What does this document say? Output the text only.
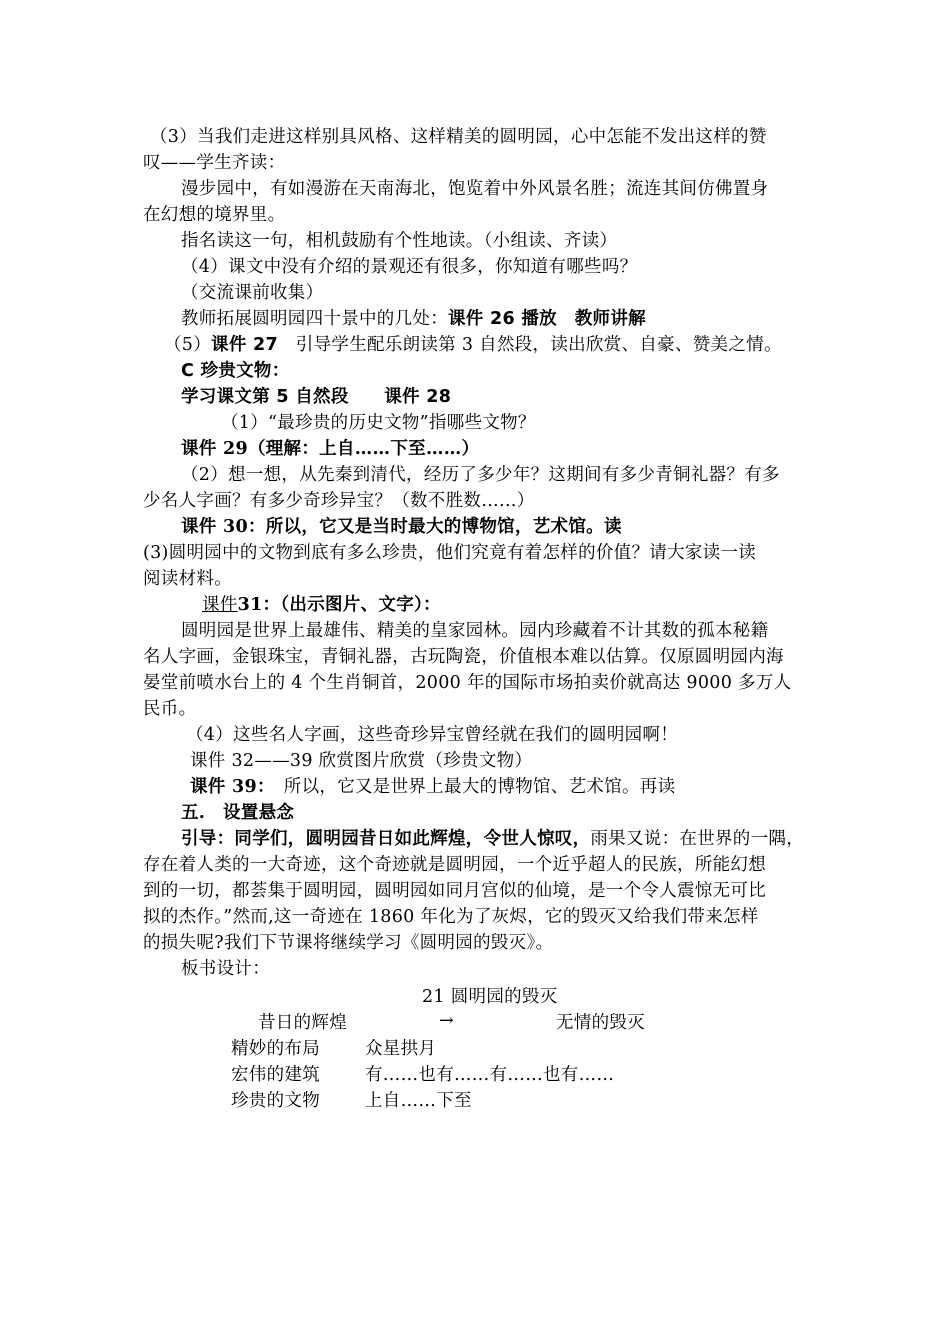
（3）当我们走进这样别具风格、这样精美的圆明园，心中怎能不发出这样的赞
叹——学生齐读：
漫步园中，有如漫游在天南海北，饱览着中外风景名胜；流连其间仿佛置身
在幻想的境界里。
指名读这一句，相机鼓励有个性地读。（小组读、齐读）
（4）课文中没有介绍的景观还有很多，你知道有哪些吗？
（交流课前收集）
教师拓展圆明园四十景中的几处：课件 26 播放　教师讲解
（5）课件 27　引导学生配乐朗读第 3 自然段，读出欣赏、自豪、赞美之情。
C 珍贵文物：
学习课文第 5 自然段　　课件 28
（1）“最珍贵的历史文物”指哪些文物？
课件 29（理解：上自……下至……）
（2）想一想，从先秦到清代，经历了多少年？这期间有多少青铜礼器？有多
少名人字画？有多少奇珍异宝？（数不胜数……）
课件 30：所以，它又是当时最大的博物馆，艺术馆。读
(3)圆明园中的文物到底有多么珍贵，他们究竟有着怎样的价值？请大家读一读
阅读材料。
课件31：（出示图片、文字）：
圆明园是世界上最雄伟、精美的皇家园林。园内珍藏着不计其数的孤本秘籍
名人字画，金银珠宝，青铜礼器，古玩陶瓷，价值根本难以估算。仅原圆明园内海
晏堂前喷水台上的 4 个生肖铜首，2000 年的国际市场拍卖价就高达 9000 多万人
民币。
（4）这些名人字画，这些奇珍异宝曾经就在我们的圆明园啊！
课件 32——39 欣赏图片欣赏（珍贵文物）
课件 39：　所以，它又是世界上最大的博物馆、艺术馆。再读
五.　设置悬念
引导：同学们，圆明园昔日如此辉煌，令世人惊叹，雨果又说：在世界的一隅，
存在着人类的一大奇迹，这个奇迹就是圆明园，一个近乎超人的民族，所能幻想
到的一切，都荟集于圆明园，圆明园如同月宫似的仙境，是一个令人震惊无可比
拟的杰作。”然而,这一奇迹在 1860 年化为了灰烬，它的毁灭又给我们带来怎样
的损失呢?我们下节课将继续学习《圆明园的毁灭》。
板书设计：
21 圆明园的毁灭
昔日的辉煌	→	无情的毁灭
精妙的布局	众星拱月
宏伟的建筑	有……也有……有……也有……
珍贵的文物	上自……下至
